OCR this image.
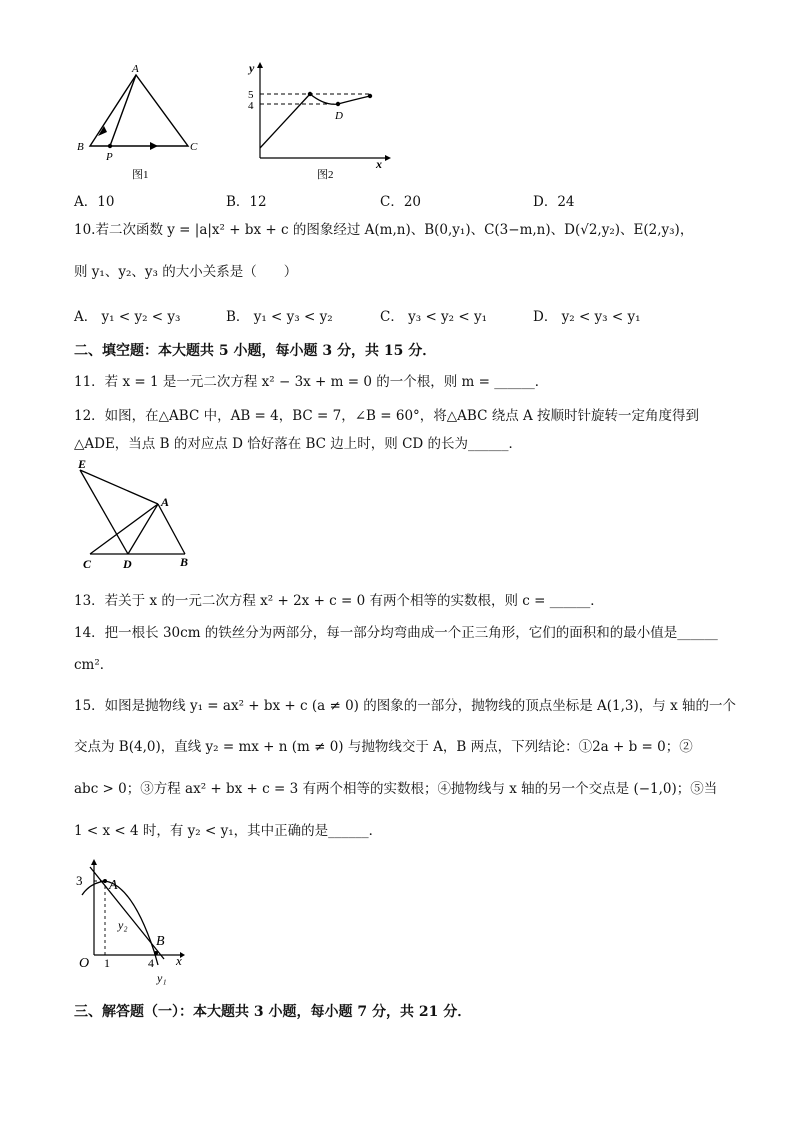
A
B
P
C
图1
y
x
5
4
D
图2
A．10	B．12	C．20	D．24
10.若二次函数 y = |a|x² + bx + c 的图象经过 A(m,n)、B(0,y₁)、C(3−m,n)、D(√2,y₂)、E(2,y₃)，
则 y₁、y₂、y₃ 的大小关系是（　　）
A． y₁ < y₂ < y₃	B． y₁ < y₃ < y₂	C． y₃ < y₂ < y₁	D． y₂ < y₃ < y₁
二、填空题：本大题共 5 小题，每小题 3 分，共 15 分．
11．若 x = 1 是一元二次方程 x² − 3x + m = 0 的一个根，则 m = ______．
12．如图，在△ABC 中，AB = 4，BC = 7，∠B = 60°，将△ABC 绕点 A 按顺时针旋转一定角度得到
△ADE，当点 B 的对应点 D 恰好落在 BC 边上时，则 CD 的长为______．
E
A
C	D	B
13．若关于 x 的一元二次方程 x² + 2x + c = 0 有两个相等的实数根，则 c = ______．
14．把一根长 30cm 的铁丝分为两部分，每一部分均弯曲成一个正三角形，它们的面积和的最小值是______
cm²．
15．如图是抛物线 y₁ = ax² + bx + c (a ≠ 0) 的图象的一部分，抛物线的顶点坐标是 A(1,3)，与 x 轴的一个
交点为 B(4,0)，直线 y₂ = mx + n (m ≠ 0) 与抛物线交于 A，B 两点，下列结论：①2a + b = 0；②
abc > 0；③方程 ax² + bx + c = 3 有两个相等的实数根；④抛物线与 x 轴的另一个交点是 (−1,0)；⑤当
1 < x < 4 时，有 y₂ < y₁，其中正确的是______．
3 A
y₂
B
O 1	4 x
y₁
三、解答题（一）：本大题共 3 小题，每小题 7 分，共 21 分．
